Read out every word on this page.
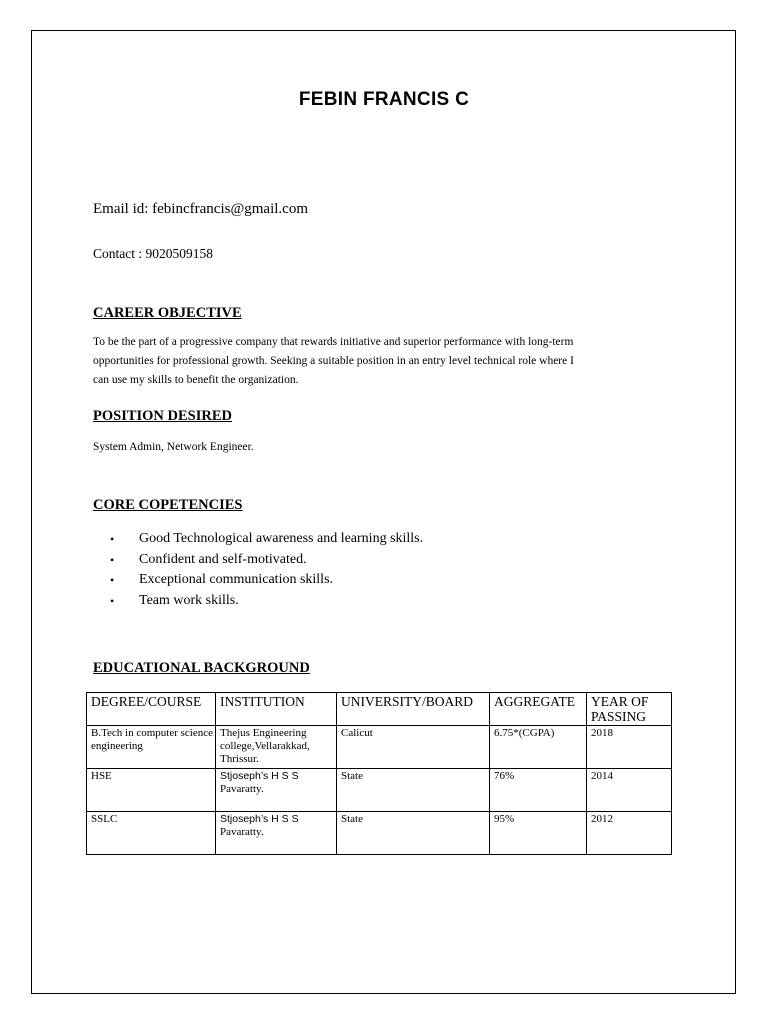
FEBIN FRANCIS C
Email id: febincfrancis@gmail.com
Contact : 9020509158
CAREER OBJECTIVE
To be the part of a progressive company that rewards initiative and superior performance with long-term
opportunities for professional growth. Seeking a suitable position in an entry level technical role where I
can use my skills to benefit the organization.
POSITION DESIRED
System Admin, Network Engineer.
CORE COPETENCIES
• Good Technological awareness and learning skills.
• Confident and self-motivated.
• Exceptional communication skills.
• Team work skills.
EDUCATIONAL BACKGROUND
DEGREE/COURSE	INSTITUTION	UNIVERSITY/BOARD	AGGREGATE	YEAR OF PASSING
B.Tech in computer science engineering	Thejus Engineering college,Vellarakkad, Thrissur.	Calicut	6.75*(CGPA)	2018
HSE	Stjoseph’s H S S
Pavaratty.	State	76%	2014
SSLC	Stjoseph’s H S S
Pavaratty.	State	95%	2012
